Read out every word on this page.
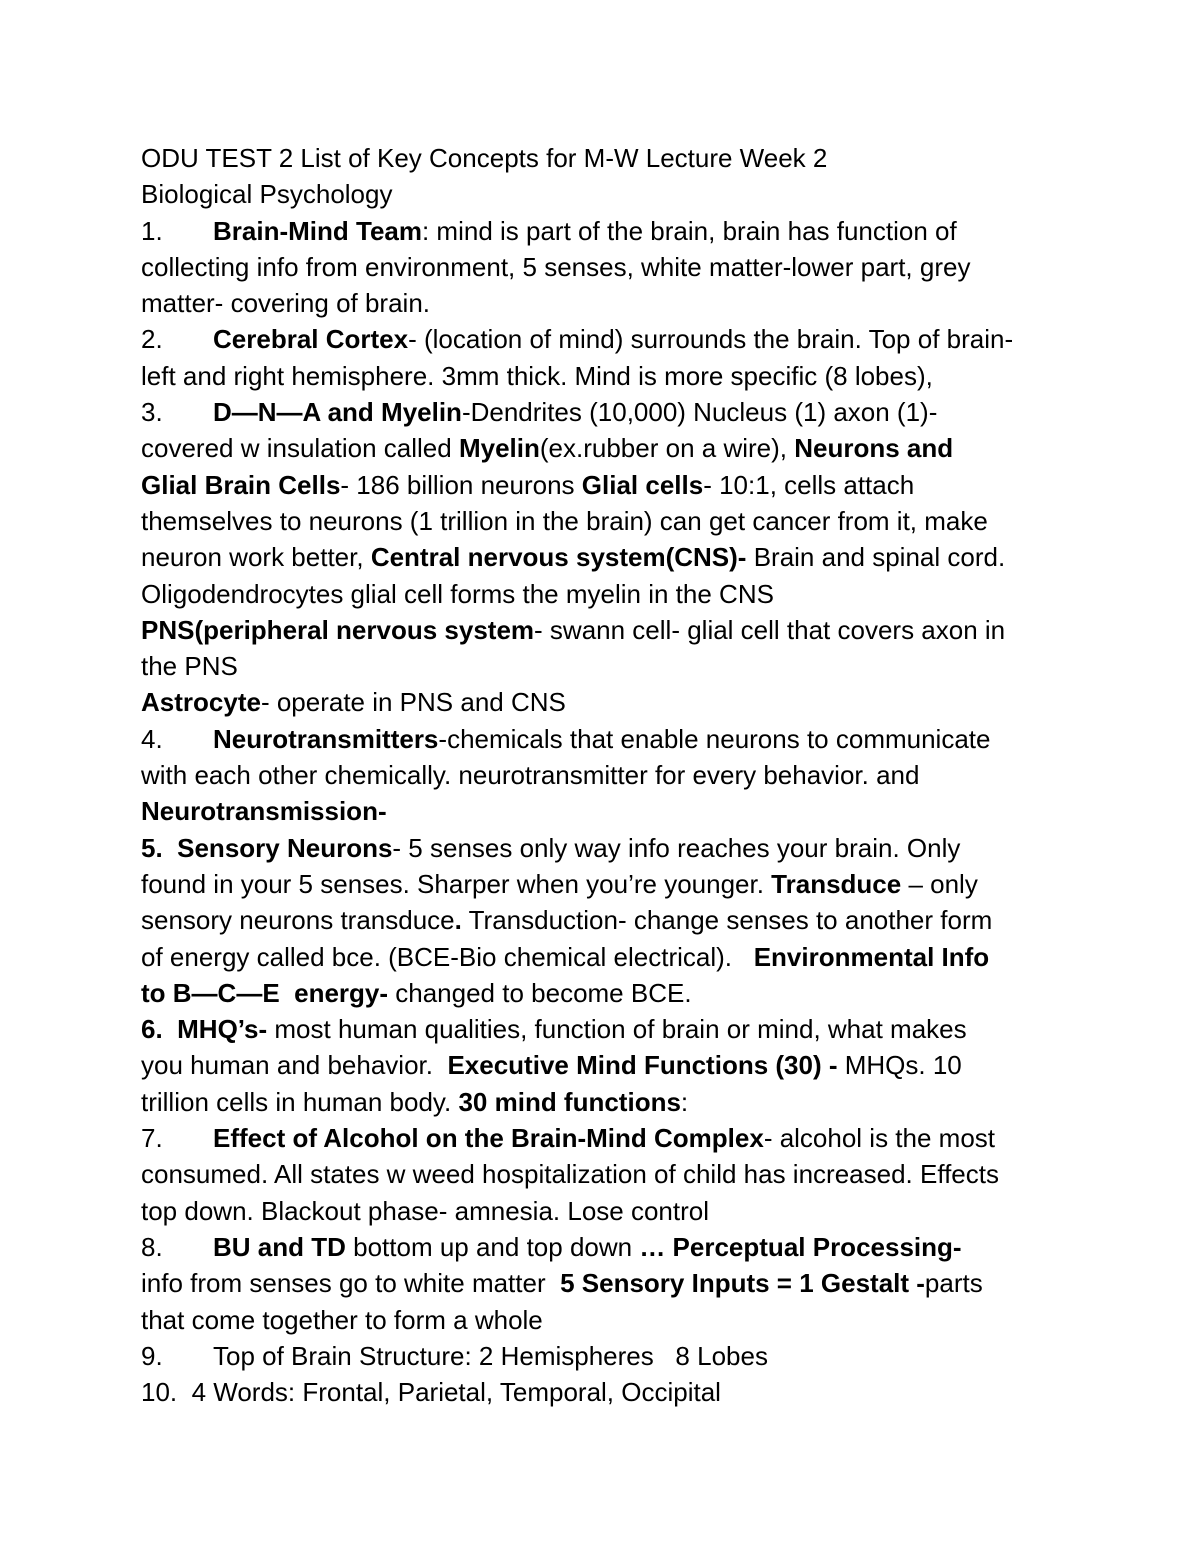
ODU TEST 2 List of Key Concepts for M-W Lecture Week 2

Biological Psychology

1. Brain-Mind Team: mind is part of the brain, brain has function of

collecting info from environment, 5 senses, white matter-lower part, grey

matter- covering of brain.

2. Cerebral Cortex- (location of mind) surrounds the brain. Top of brain-

left and right hemisphere. 3mm thick. Mind is more specific (8 lobes),

3. D—N—A and Myelin-Dendrites (10,000) Nucleus (1) axon (1)-

covered w insulation called Myelin(ex.rubber on a wire), Neurons and

Glial Brain Cells- 186 billion neurons Glial cells- 10:1, cells attach

themselves to neurons (1 trillion in the brain) can get cancer from it, make

neuron work better, Central nervous system(CNS)- Brain and spinal cord.

Oligodendrocytes glial cell forms the myelin in the CNS

PNS(peripheral nervous system- swann cell- glial cell that covers axon in

the PNS

Astrocyte- operate in PNS and CNS

4. Neurotransmitters-chemicals that enable neurons to communicate

with each other chemically. neurotransmitter for every behavior. and

Neurotransmission-

5.  Sensory Neurons- 5 senses only way info reaches your brain. Only

found in your 5 senses. Sharper when you’re younger. Transduce – only

sensory neurons transduce. Transduction- change senses to another form

of energy called bce. (BCE-Bio chemical electrical).   Environmental Info

to B—C—E  energy- changed to become BCE.

6.  MHQ’s- most human qualities, function of brain or mind, what makes

you human and behavior.  Executive Mind Functions (30) - MHQs. 10

trillion cells in human body. 30 mind functions:

7. Effect of Alcohol on the Brain-Mind Complex- alcohol is the most

consumed. All states w weed hospitalization of child has increased. Effects

top down. Blackout phase- amnesia. Lose control

8. BU and TD bottom up and top down … Perceptual Processing-

info from senses go to white matter  5 Sensory Inputs = 1 Gestalt -parts

that come together to form a whole

9. Top of Brain Structure: 2 Hemispheres   8 Lobes

10.  4 Words: Frontal, Parietal, Temporal, Occipital
